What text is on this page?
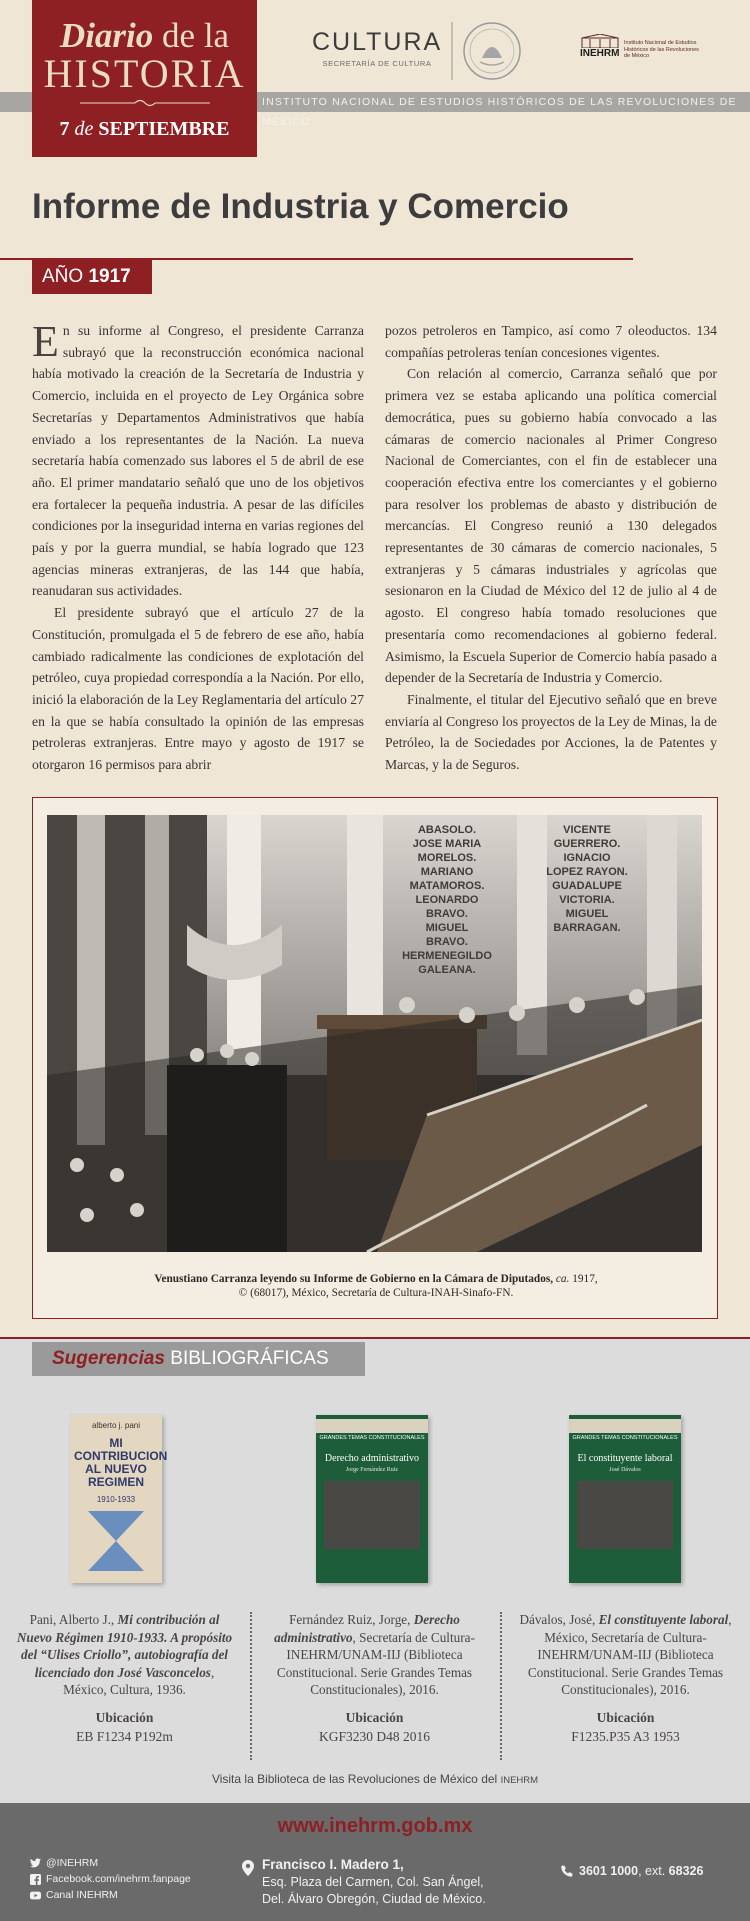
INSTITUTO NACIONAL DE ESTUDIOS HISTÓRICOS DE LAS REVOLUCIONES DE MÉXICO
Diario de la
HISTORIA
7 de SEPTIEMBRE
CULTURA
SECRETARÍA DE CULTURA
INEHRM
Instituto Nacional de Estudios Históricos de las Revoluciones de México
Informe de Industria y Comercio
AÑO 1917

En su informe al Congreso, el presidente Carranza subrayó que la reconstrucción económica nacional había motivado la creación de la Secretaría de Industria y Comercio, incluida en el proyecto de Ley Orgánica sobre Secretarías y Departamentos Administrativos que había enviado a los representantes de la Nación. La nueva secretaría había comenzado sus labores el 5 de abril de ese año. El primer mandatario señaló que uno de los objetivos era fortalecer la pequeña industria. A pesar de las difíciles condiciones por la inseguridad interna en varias regiones del país y por la guerra mundial, se había logrado que 123 agencias mineras extranjeras, de las 144 que había, reanudaran sus actividades.

El presidente subrayó que el artículo 27 de la Constitución, promulgada el 5 de febrero de ese año, había cambiado radicalmente las condiciones de explotación del petróleo, cuya propiedad correspondía a la Nación. Por ello, inició la elaboración de la Ley Reglamentaria del artículo 27 en la que se había consultado la opinión de las empresas petroleras extranjeras. Entre mayo y agosto de 1917 se otorgaron 16 permisos para abrir

pozos petroleros en Tampico, así como 7 oleoductos. 134 compañías petroleras tenían concesiones vigentes.

Con relación al comercio, Carranza señaló que por primera vez se estaba aplicando una política comercial democrática, pues su gobierno había convocado a las cámaras de comercio nacionales al Primer Congreso Nacional de Comerciantes, con el fin de establecer una cooperación efectiva entre los comerciantes y el gobierno para resolver los problemas de abasto y distribución de mercancías. El Congreso reunió a 130 delegados representantes de 30 cámaras de comercio nacionales, 5 extranjeras y 5 cámaras industriales y agrícolas que sesionaron en la Ciudad de México del 12 de julio al 4 de agosto. El congreso había tomado resoluciones que presentaría como recomendaciones al gobierno federal. Asimismo, la Escuela Superior de Comercio había pasado a depender de la Secretaría de Industria y Comercio.

Finalmente, el titular del Ejecutivo señaló que en breve enviaría al Congreso los proyectos de la Ley de Minas, la de Petróleo, la de Sociedades por Acciones, la de Patentes y Marcas, y la de Seguros.

ABASOLO.
JOSE MARIA
MORELOS.
MARIANO
MATAMOROS.
LEONARDO
BRAVO.
MIGUEL
BRAVO.
HERMENEGILDO
GALEANA.
VICENTE
GUERRERO.
IGNACIO
LOPEZ RAYON.
GUADALUPE
VICTORIA.
MIGUEL
BARRAGAN.
Venustiano Carranza leyendo su Informe de Gobierno en la Cámara de Diputados, ca. 1917,
© (68017), México, Secretaría de Cultura-INAH-Sinafo-FN.
Sugerencias BIBLIOGRÁFICAS
alberto j. pani
MI CONTRIBUCION AL NUEVO REGIMEN
1910-1933
GRANDES TEMAS CONSTITUCIONALES
Derecho administrativo
Jorge Fernández Ruiz
GRANDES TEMAS CONSTITUCIONALES
El constituyente laboral
José Dávalos
Pani, Alberto J., Mi contribución al Nuevo Régimen 1910-1933. A propósito del “Ulises Criollo”, autobiografía del licenciado don José Vasconcelos, México, Cultura, 1936.
Fernández Ruiz, Jorge, Derecho administrativo, Secretaría de Cultura-INEHRM/UNAM-IIJ (Biblioteca Constitucional. Serie Grandes Temas Constitucionales), 2016.
Dávalos, José, El constituyente laboral, México, Secretaría de Cultura-INEHRM/UNAM-IIJ (Biblioteca Constitucional. Serie Grandes Temas Constitucionales), 2016.
Ubicación
EB F1234 P192m
Ubicación
KGF3230 D48 2016
Ubicación
F1235.P35 A3 1953
Visita la Biblioteca de las Revoluciones de México del INEHRM
www.inehrm.gob.mx
@INEHRM
Facebook.com/inehrm.fanpage
Canal INEHRM
Francisco I. Madero 1,
Esq. Plaza del Carmen, Col. San Ángel,
Del. Álvaro Obregón, Ciudad de México.
3601 1000, ext. 68326
